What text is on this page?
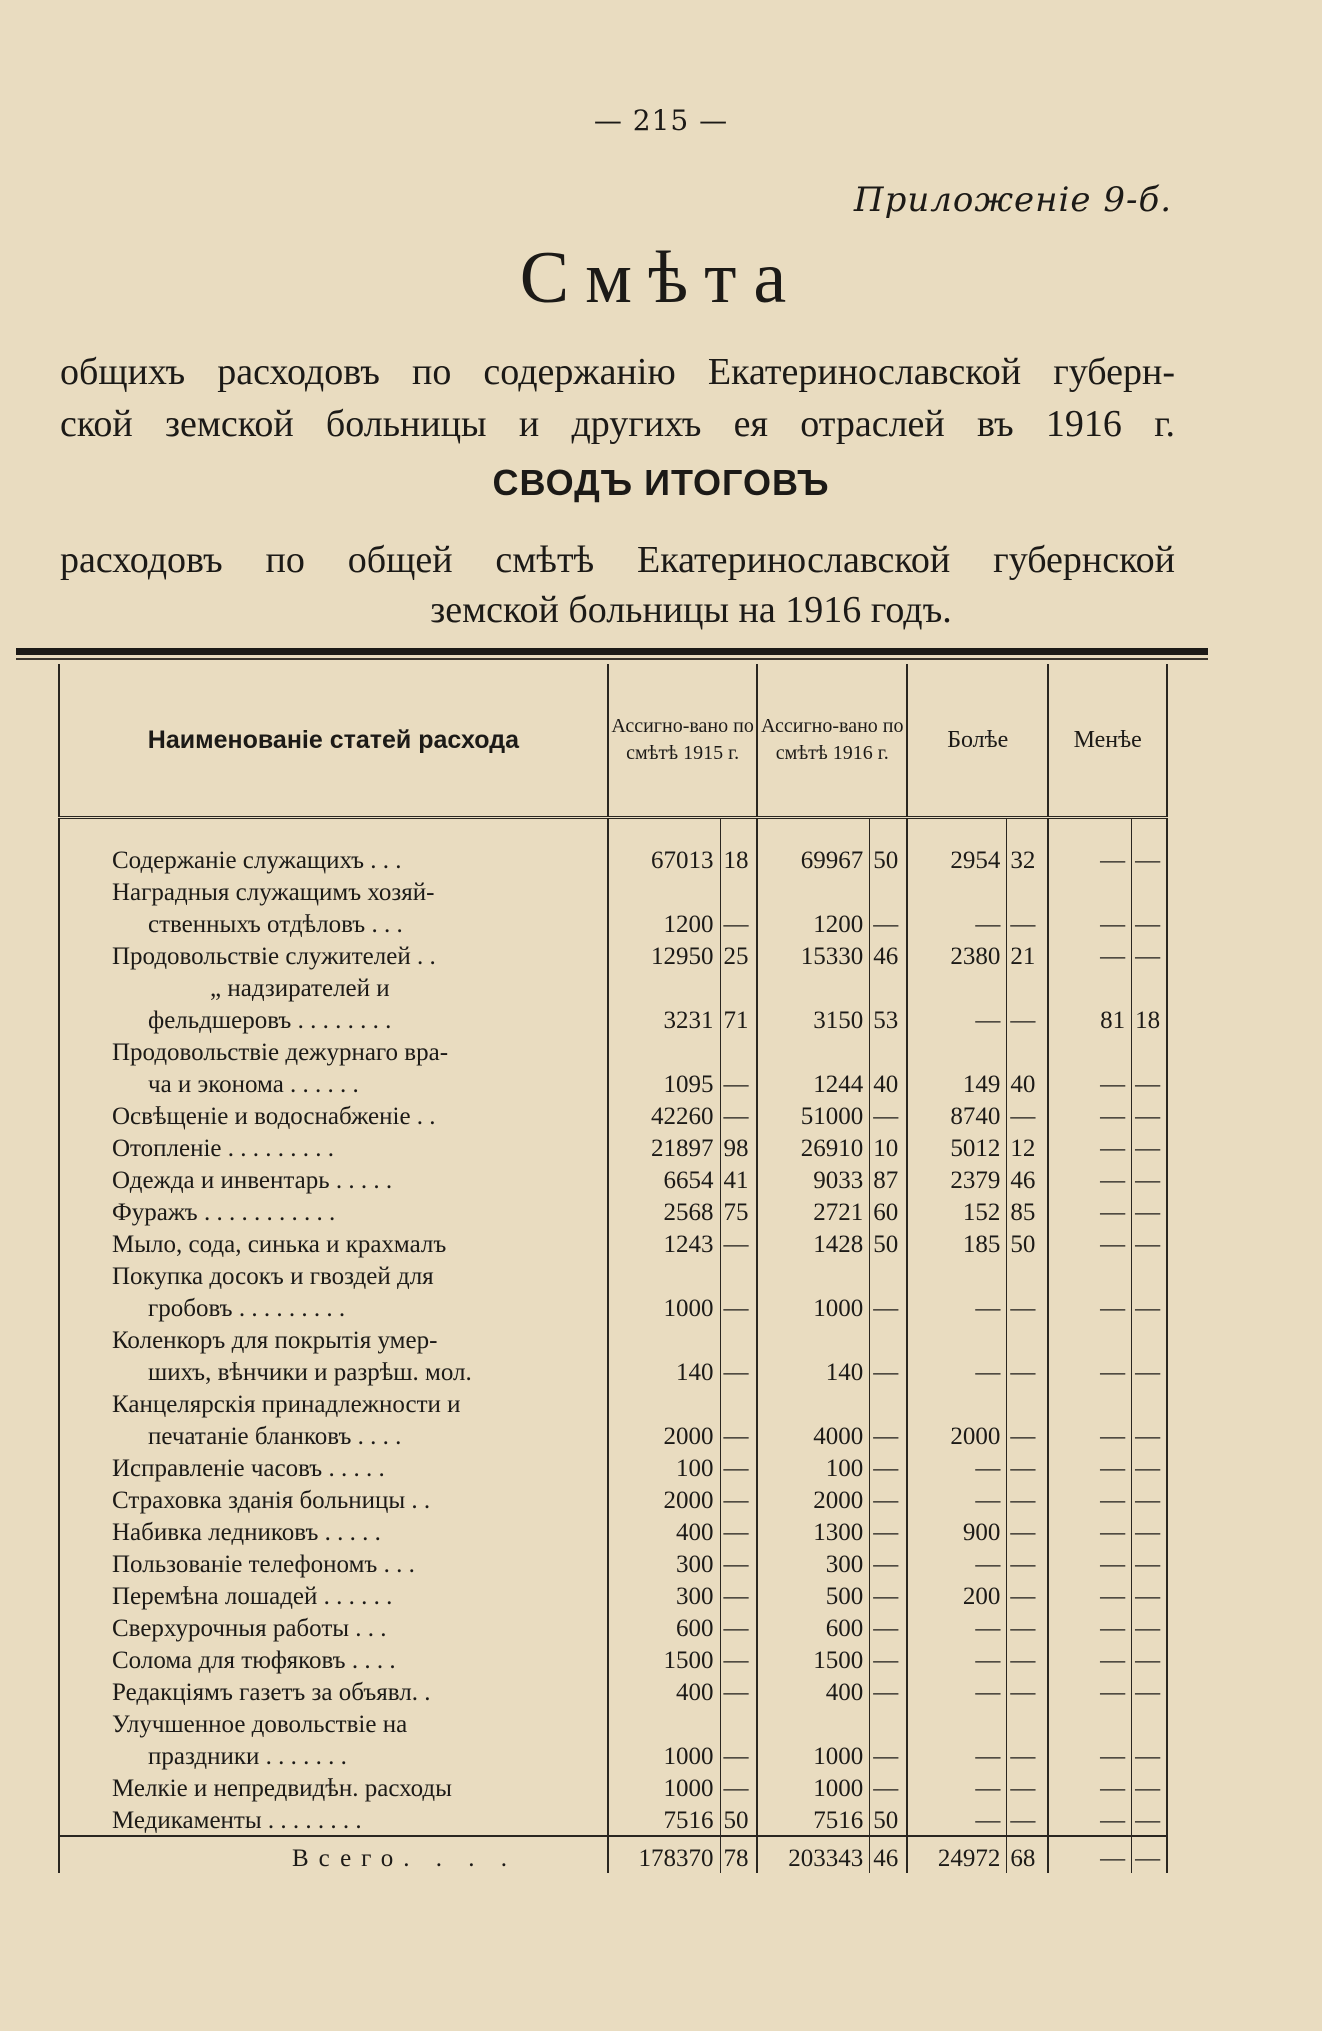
— 215 —
Приложеніе 9-б.
Смѣта
общихъ расходовъ по содержанію Екатеринославской губерн-
ской земской больницы и другихъ ея отраслей въ 1916 г.
СВОДЪ ИТОГОВЪ
расходовъ по общей смѣтѣ Екатеринославской губернской
земской больницы на 1916 годъ.
Наименованіе статей расхода	Ассигно-вано по смѣтѣ 1915 г.		Ассигно-вано по смѣтѣ 1916 г.		Болѣе		Менѣе	

Содержаніе служащихъ . . .	67013	18	69967	50	2954	32	—	—
Наградныя служащимъ хозяй-								
ственныхъ отдѣловъ . . .	1200	—	1200	—	—	—	—	—
Продовольствіе служителей . .	12950	25	15330	46	2380	21	—	—
„ надзирателей и								
фельдшеровъ . . . . . . . .	3231	71	3150	53	—	—	81	18
Продовольствіе дежурнаго вра-								
ча и эконома . . . . . .	1095	—	1244	40	149	40	—	—
Освѣщеніе и водоснабженіе . .	42260	—	51000	—	8740	—	—	—
Отопленіе . . . . . . . . .	21897	98	26910	10	5012	12	—	—
Одежда и инвентарь . . . . .	6654	41	9033	87	2379	46	—	—
Фуражъ . . . . . . . . . . .	2568	75	2721	60	152	85	—	—
Мыло, сода, синька и крахмалъ	1243	—	1428	50	185	50	—	—
Покупка досокъ и гвоздей для								
гробовъ . . . . . . . . .	1000	—	1000	—	—	—	—	—
Коленкоръ для покрытія умер-								
шихъ, вѣнчики и разрѣш. мол.	140	—	140	—	—	—	—	—
Канцелярскія принадлежности и								
печатаніе бланковъ . . . .	2000	—	4000	—	2000	—	—	—
Исправленіе часовъ . . . . .	100	—	100	—	—	—	—	—
Страховка зданія больницы . .	2000	—	2000	—	—	—	—	—
Набивка ледниковъ . . . . .	400	—	1300	—	900	—	—	—
Пользованіе телефономъ . . .	300	—	300	—	—	—	—	—
Перемѣна лошадей . . . . . .	300	—	500	—	200	—	—	—
Сверхурочныя работы . . .	600	—	600	—	—	—	—	—
Солома для тюфяковъ . . . .	1500	—	1500	—	—	—	—	—
Редакціямъ газетъ за объявл. .	400	—	400	—	—	—	—	—
Улучшенное довольствіе на								
праздники . . . . . . .	1000	—	1000	—	—	—	—	—
Мелкіе и непредвидѣн. расходы	1000	—	1000	—	—	—	—	—
Медикаменты . . . . . . . .	7516	50	7516	50	—	—	—	—
Всего. . . .	178370	78	203343	46	24972	68	—	—
